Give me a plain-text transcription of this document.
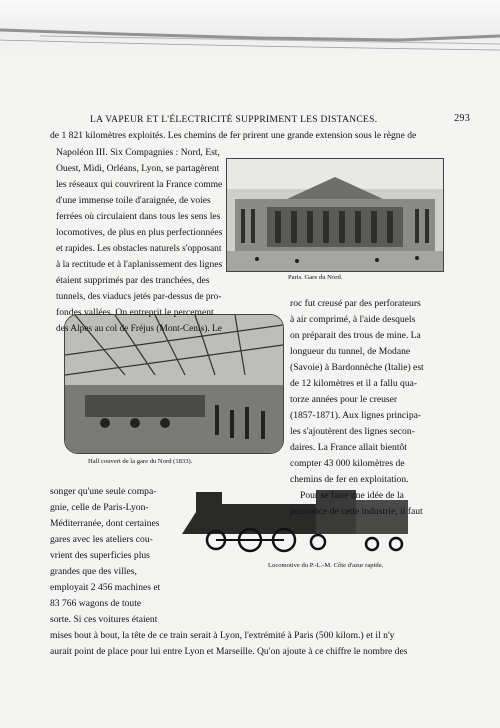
LA VAPEUR ET L'ÉLECTRICITÉ SUPPRIMENT LES DISTANCES.	293
Paris. Gare du Nord.
Hall couvert de la gare du Nord (1833).
Locomotive du P.-L.-M. Côte d'azur rapide.
de 1 821 kilomètres exploités. Les chemins de fer prirent une grande extension sous le règne de
Napoléon III. Six Compagnies : Nord, Est,
Ouest, Midi, Orléans, Lyon, se partagèrent
les réseaux qui couvrirent la France comme
d'une immense toile d'araignée, de voies
ferrées où circulaient dans tous les sens les
locomotives, de plus en plus perfectionnées
et rapides. Les obstacles naturels s'opposant
à la rectitude et à l'aplanissement des lignes
étaient supprimés par des tranchées, des
tunnels, des viaducs jetés par-dessus de pro-
fondes vallées. On entreprit le percement
des Alpes au col de Fréjus (Mont-Cenis). Le
roc fut creusé par des perforateurs
à air comprimé, à l'aide desquels
on préparait des trous de mine. La
longueur du tunnel, de Modane
(Savoie) à Bardonnèche (Italie) est
de 12 kilomètres et il a fallu qua-
torze années pour le creuser
(1857-1871). Aux lignes principa-
les s'ajoutèrent des lignes secon-
daires. La France allait bientôt
compter 43 000 kilomètres de
chemins de fer en exploitation.
Pour se faire une idée de la
puissance de cette industrie, il faut
songer qu'une seule compa-
gnie, celle de Paris-Lyon-
Méditerranée, dont certaines
gares avec les ateliers cou-
vrient des superficies plus
grandes que des villes,
employait 2 456 machines et
83 766 wagons de toute
sorte. Si ces voitures étaient
mises bout à bout, la tête de ce train serait à Lyon, l'extrémité à Paris (500 kilom.) et il n'y
aurait point de place pour lui entre Lyon et Marseille. Qu'on ajoute à ce chiffre le nombre des
